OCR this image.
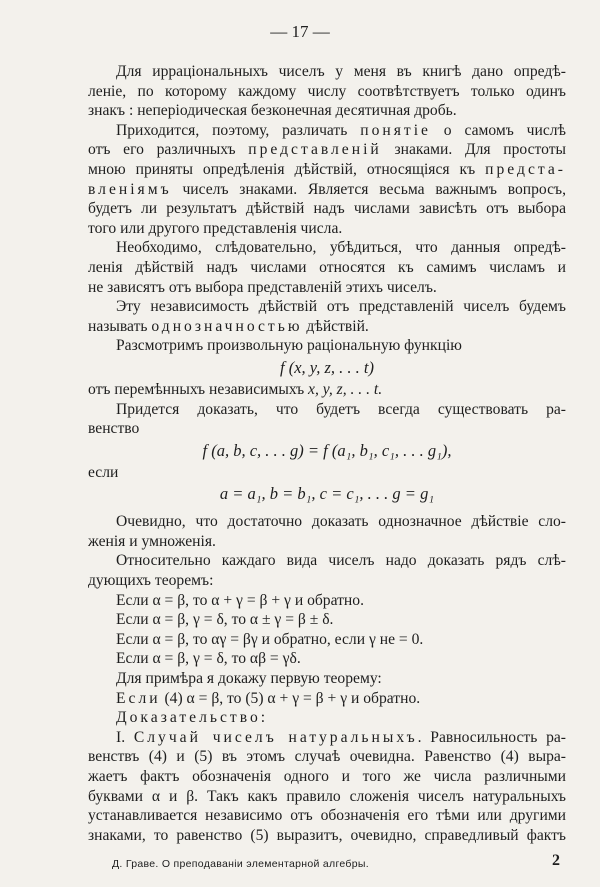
— 17 —
Для ирраціональныхъ чиселъ у меня въ книгѣ дано опредѣ-
ленiе, по которому каждому числу соотвѣтствуетъ только одинъ
знакъ : неперіодическая безконечная десятичная дробь.
Приходится, поэтому, различать понятіе о самомъ числѣ
отъ его различныхъ представленій знаками. Для простоты
мною приняты опредѣленія дѣйствій, относящіяся къ предста-
вленіямъ чиселъ знаками. Является весьма важнымъ вопросъ,
будетъ ли результатъ дѣйствій надъ числами зависѣть отъ выбора
того или другого представленія числа.
Необходимо, слѣдовательно, убѣдиться, что данныя опредѣ-
ленія дѣйствій надъ числами относятся къ самимъ числамъ и
не зависятъ отъ выбора представленій этихъ чиселъ.
Эту независимость дѣйствій отъ представленій чиселъ будемъ
называть однозначностью дѣйствій.
Разсмотримъ произвольную раціональную функцію
f (x, y, z, . . . t)
отъ перемѣнныхъ независимыхъ x, y, z, . . . t.
Придется доказать, что будетъ всегда существовать ра-
венство
f (a, b, c, . . . g) = f (a₁, b₁, c₁, . . . g₁),
если
a = a₁, b = b₁, c = c₁, . . . g = g₁
Очевидно, что достаточно доказать однозначное дѣйствіе сло-
женія и умноженія.
Относительно каждаго вида чиселъ надо доказать рядъ слѣ-
дующихъ теоремъ:
Если α = β, то α + γ = β + γ и обратно.
Если α = β, γ = δ, то α ± γ = β ± δ.
Если α = β, то αγ = βγ и обратно, если γ не = 0.
Если α = β, γ = δ, то αβ = γδ.
Для примѣра я докажу первую теорему:
Если (4) α = β, то (5) α + γ = β + γ и обратно.
Доказательство:
I. Случай чиселъ натуральныхъ. Равносильность ра-
венствъ (4) и (5) въ этомъ случаѣ очевидна. Равенство (4) выра-
жаетъ фактъ обозначенія одного и того же числа различными
буквами α и β. Такъ какъ правило сложенія чиселъ натуральныхъ
устанавливается независимо отъ обозначенія его тѣми или другими
знаками, то равенство (5) выразитъ, очевидно, справедливый фактъ
Д. Граве. О преподаваніи элементарной алгебры.	2
